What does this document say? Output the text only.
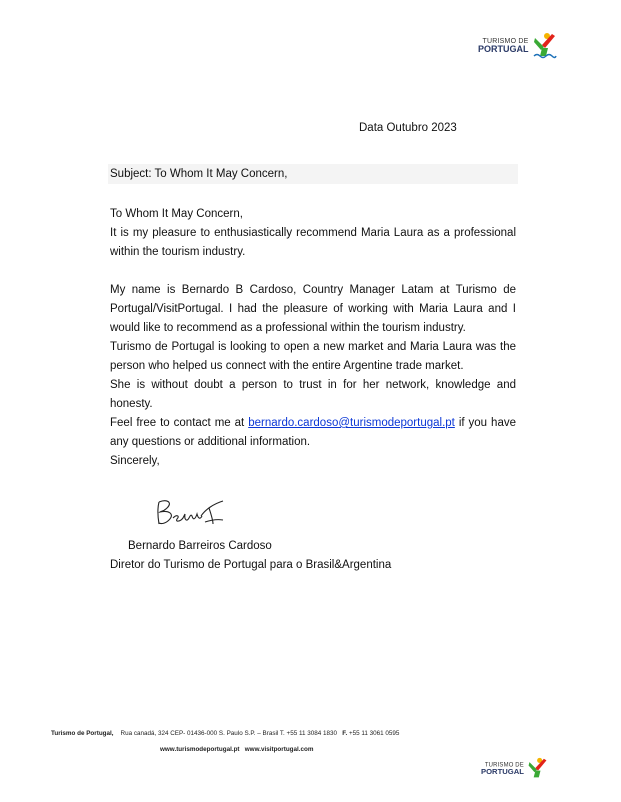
TURISMO DE
PORTUGAL
Data Outubro 2023
Subject: To Whom It May Concern,

To Whom It May Concern,

It is my pleasure to enthusiastically recommend Maria Laura as a professional within the tourism industry.

My name is Bernardo B Cardoso, Country Manager Latam at Turismo de Portugal/VisitPortugal. I had the pleasure of working with Maria Laura and I would like to recommend as a professional within the tourism industry.

Turismo de Portugal is looking to open a new market and Maria Laura was the person who helped us connect with the entire Argentine trade market.

She is without doubt a person to trust in for her network, knowledge and honesty.

Feel free to contact me at bernardo.cardoso@turismodeportugal.pt if you have any questions or additional information.

Sincerely,

Bernardo Barreiros Cardoso
Diretor do Turismo de Portugal para o Brasil&Argentina
Turismo de Portugal, Rua canadá, 324 CEP- 01436-000 S. Paulo S.P. – Brasil T. +55 11 3084 1830 F. +55 11 3061 0595
www.turismodeportugal.pt www.visitportugal.com
TURISMO DE
PORTUGAL
